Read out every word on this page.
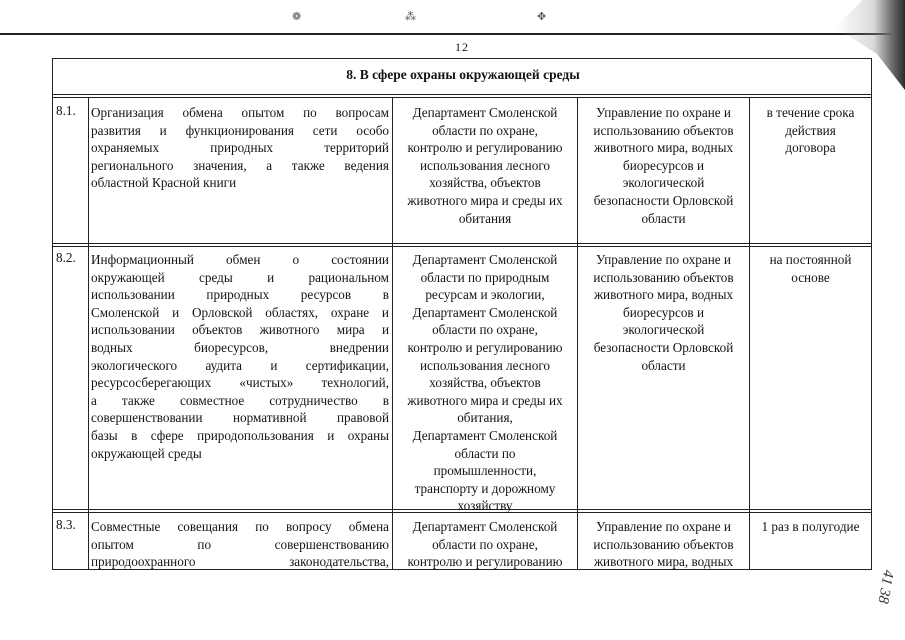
❁	⁂	✥
12
8. В сфере охраны окружающей среды
8.1. Организация обмена опытом по вопросам
развития и функционирования сети особо
охраняемых природных территорий
регионального значения, а также ведения
областной Красной книги
Департамент Смоленской
области по охране,
контролю и регулированию
использования лесного
хозяйства, объектов
животного мира и среды их
обитания
Управление по охране и
использованию объектов
животного мира, водных
биоресурсов и
экологической
безопасности Орловской
области
в течение срока
действия
договора
8.2. Информационный обмен о состоянии
окружающей среды и рациональном
использовании природных ресурсов в
Смоленской и Орловской областях, охране и
использовании объектов животного мира и
водных биоресурсов, внедрении
экологического аудита и сертификации,
ресурсосберегающих «чистых» технологий,
а также совместное сотрудничество в
совершенствовании нормативной правовой
базы в сфере природопользования и охраны
окружающей среды
Департамент Смоленской
области по природным
ресурсам и экологии,
Департамент Смоленской
области по охране,
контролю и регулированию
использования лесного
хозяйства, объектов
животного мира и среды их
обитания,
Департамент Смоленской
области по
промышленности,
транспорту и дорожному
хозяйству
Управление по охране и
использованию объектов
животного мира, водных
биоресурсов и
экологической
безопасности Орловской
области
на постоянной
основе
8.3. Совместные совещания по вопросу обмена
опытом по совершенствованию
природоохранного законодательства,
Департамент Смоленской
области по охране,
контролю и регулированию
Управление по охране и
использованию объектов
животного мира, водных
1 раз в полугодие
41 38
